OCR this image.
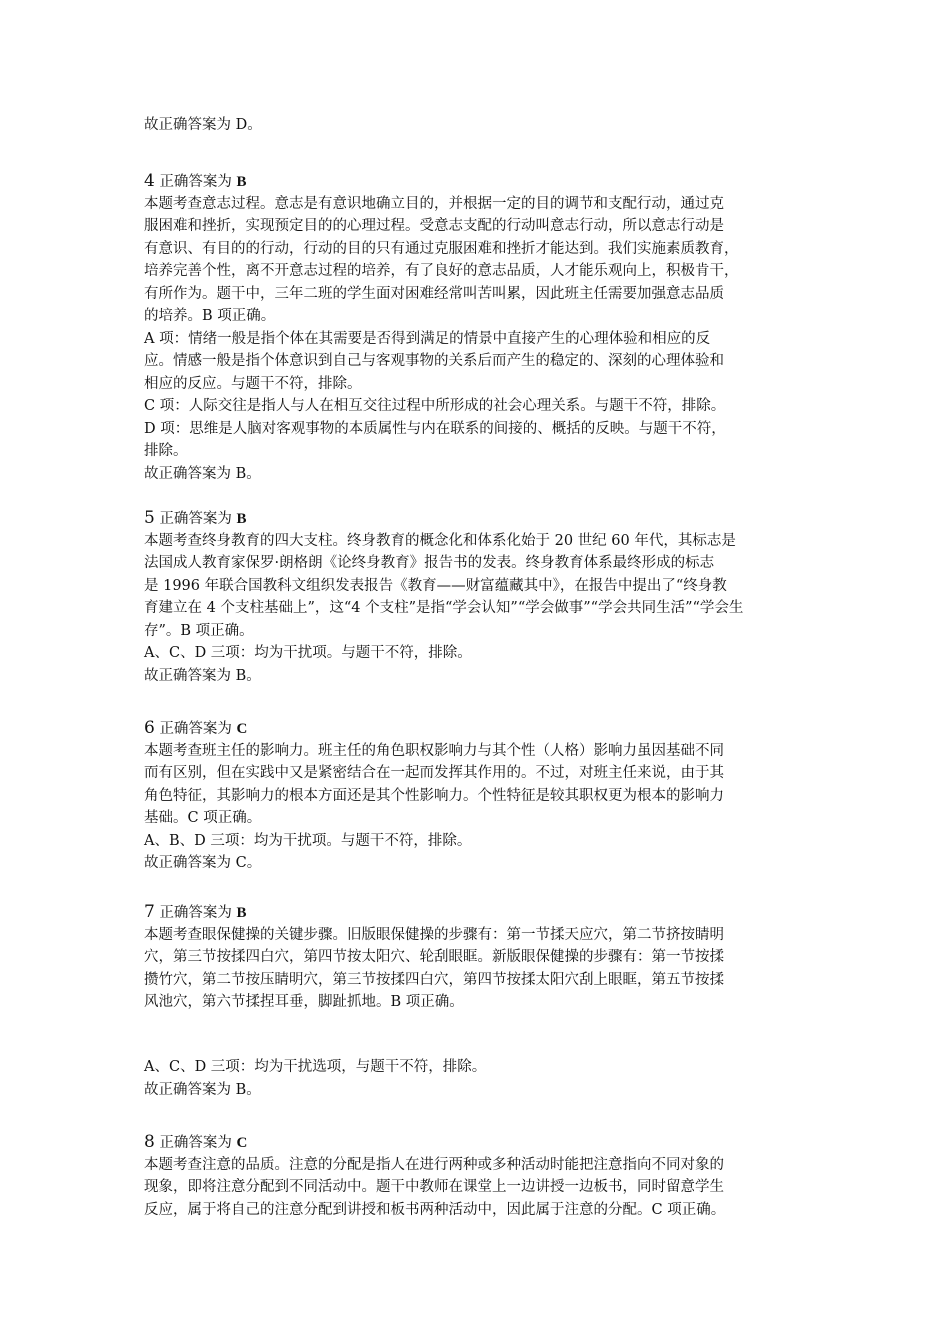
故正确答案为 D。
4 正确答案为 B
本题考查意志过程。意志是有意识地确立目的，并根据一定的目的调节和支配行动，通过克
服困难和挫折，实现预定目的的心理过程。受意志支配的行动叫意志行动，所以意志行动是
有意识、有目的的行动，行动的目的只有通过克服困难和挫折才能达到。我们实施素质教育，
培养完善个性，离不开意志过程的培养，有了良好的意志品质，人才能乐观向上，积极肯干，
有所作为。题干中，三年二班的学生面对困难经常叫苦叫累，因此班主任需要加强意志品质
的培养。B 项正确。
A 项：情绪一般是指个体在其需要是否得到满足的情景中直接产生的心理体验和相应的反
应。情感一般是指个体意识到自己与客观事物的关系后而产生的稳定的、深刻的心理体验和
相应的反应。与题干不符，排除。
C 项：人际交往是指人与人在相互交往过程中所形成的社会心理关系。与题干不符，排除。
D 项：思维是人脑对客观事物的本质属性与内在联系的间接的、概括的反映。与题干不符，
排除。
故正确答案为 B。
5 正确答案为 B
本题考查终身教育的四大支柱。终身教育的概念化和体系化始于 20 世纪 60 年代，其标志是
法国成人教育家保罗·朗格朗《论终身教育》报告书的发表。终身教育体系最终形成的标志
是 1996 年联合国教科文组织发表报告《教育——财富蕴藏其中》，在报告中提出了“终身教
育建立在 4 个支柱基础上”，这“4 个支柱”是指“学会认知”“学会做事”“学会共同生活”“学会生
存”。B 项正确。
A、C、D 三项：均为干扰项。与题干不符，排除。
故正确答案为 B。
6 正确答案为 C
本题考查班主任的影响力。班主任的角色职权影响力与其个性（人格）影响力虽因基础不同
而有区别，但在实践中又是紧密结合在一起而发挥其作用的。不过，对班主任来说，由于其
角色特征，其影响力的根本方面还是其个性影响力。个性特征是较其职权更为根本的影响力
基础。C 项正确。
A、B、D 三项：均为干扰项。与题干不符，排除。
故正确答案为 C。
7 正确答案为 B
本题考查眼保健操的关键步骤。旧版眼保健操的步骤有：第一节揉天应穴，第二节挤按睛明
穴，第三节按揉四白穴，第四节按太阳穴、轮刮眼眶。新版眼保健操的步骤有：第一节按揉
攒竹穴，第二节按压睛明穴，第三节按揉四白穴，第四节按揉太阳穴刮上眼眶，第五节按揉
风池穴，第六节揉捏耳垂，脚趾抓地。B 项正确。
A、C、D 三项：均为干扰选项，与题干不符，排除。
故正确答案为 B。
8 正确答案为 C
本题考查注意的品质。注意的分配是指人在进行两种或多种活动时能把注意指向不同对象的
现象，即将注意分配到不同活动中。题干中教师在课堂上一边讲授一边板书，同时留意学生
反应，属于将自己的注意分配到讲授和板书两种活动中，因此属于注意的分配。C 项正确。
